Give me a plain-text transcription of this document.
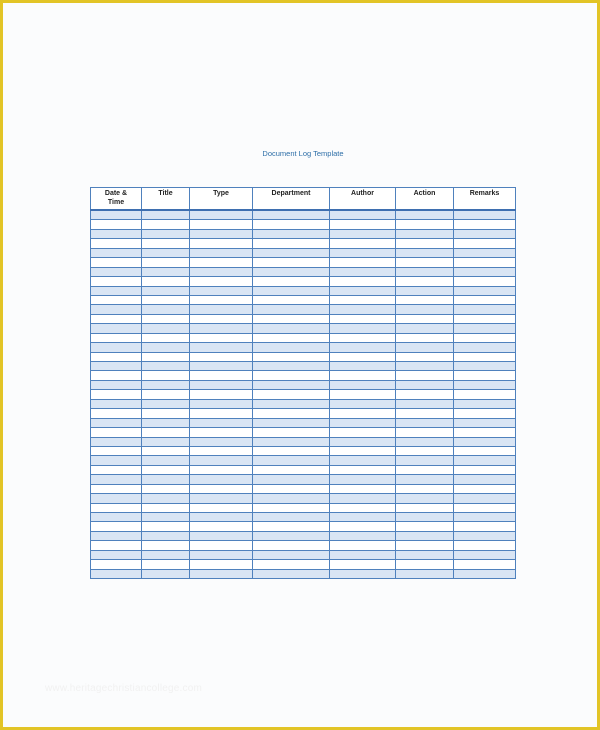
Document Log Template
Date &
Time	Title	Type	Department	Author	Action	Remarks

www.heritagechristiancollege.com
